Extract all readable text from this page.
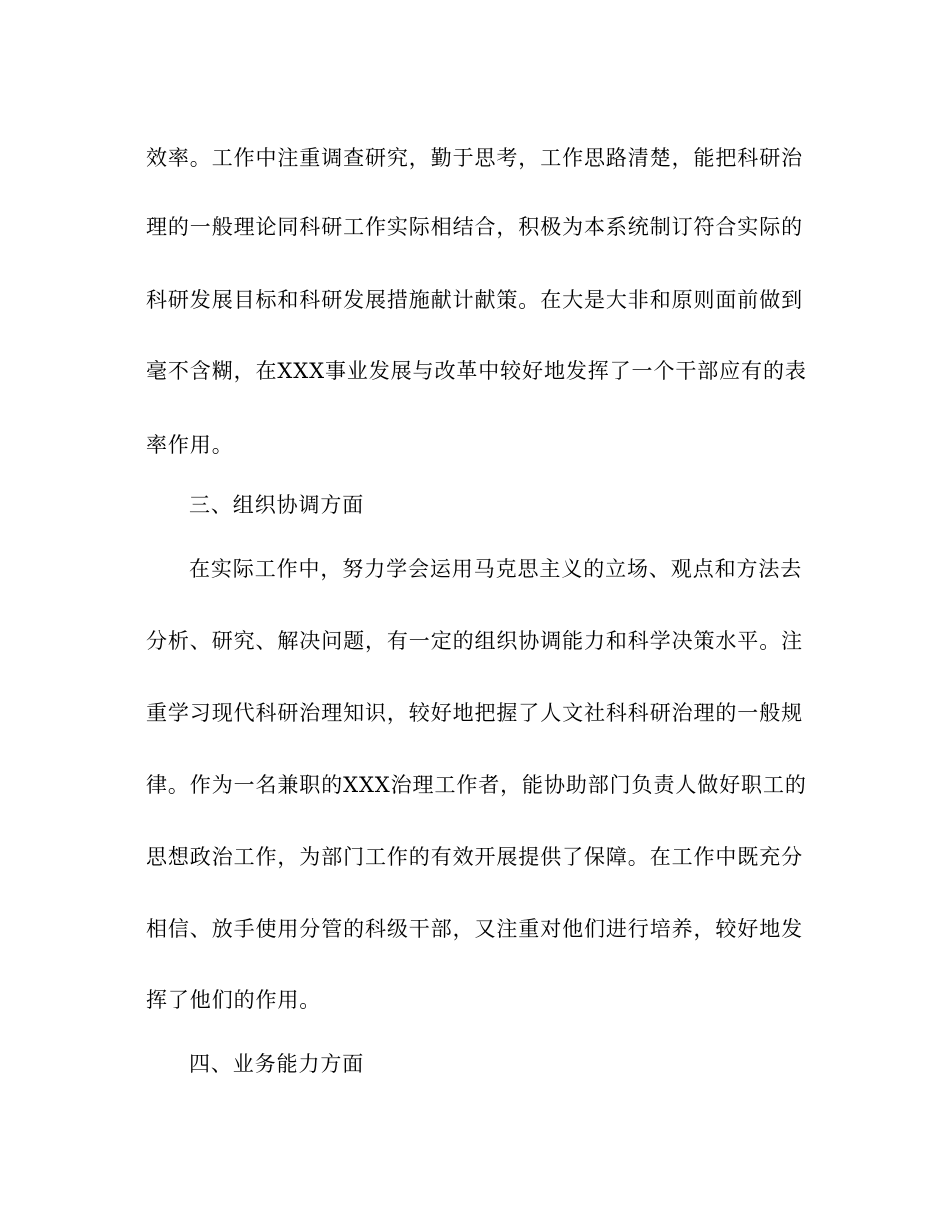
效率。工作中注重调查研究，勤于思考，工作思路清楚，能把科研治
理的一般理论同科研工作实际相结合，积极为本系统制订符合实际的
科研发展目标和科研发展措施献计献策。在大是大非和原则面前做到
毫不含糊，在XXX事业发展与改革中较好地发挥了一个干部应有的表
率作用。
三、组织协调方面
在实际工作中，努力学会运用马克思主义的立场、观点和方法去
分析、研究、解决问题，有一定的组织协调能力和科学决策水平。注
重学习现代科研治理知识，较好地把握了人文社科科研治理的一般规
律。作为一名兼职的XXX治理工作者，能协助部门负责人做好职工的
思想政治工作，为部门工作的有效开展提供了保障。在工作中既充分
相信、放手使用分管的科级干部，又注重对他们进行培养，较好地发
挥了他们的作用。
四、业务能力方面
